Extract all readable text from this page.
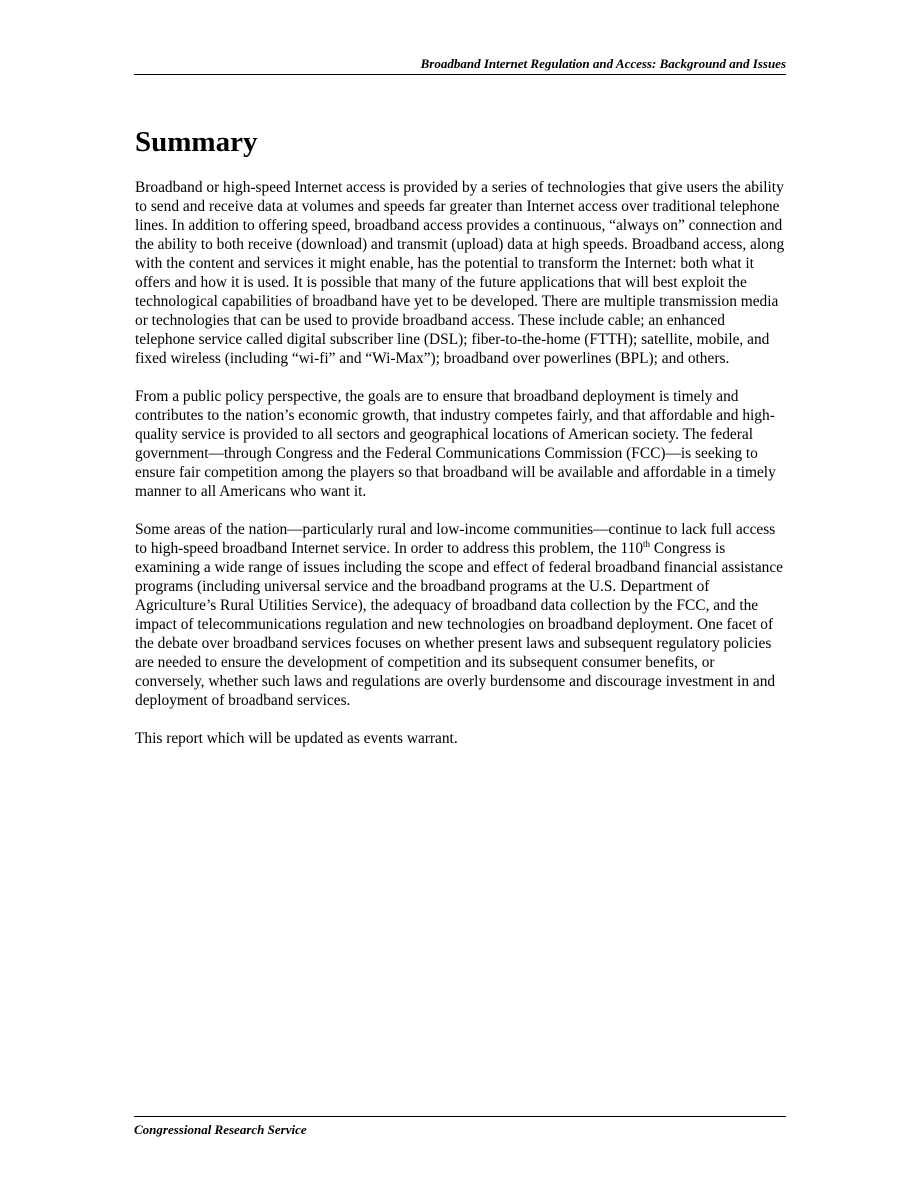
Broadband Internet Regulation and Access: Background and Issues
Summary

Broadband or high-speed Internet access is provided by a series of technologies that give users the ability to send and receive data at volumes and speeds far greater than Internet access over traditional telephone lines. In addition to offering speed, broadband access provides a continuous, “always on” connection and the ability to both receive (download) and transmit (upload) data at high speeds. Broadband access, along with the content and services it might enable, has the potential to transform the Internet: both what it offers and how it is used. It is possible that many of the future applications that will best exploit the technological capabilities of broadband have yet to be developed. There are multiple transmission media or technologies that can be used to provide broadband access. These include cable; an enhanced telephone service called digital subscriber line (DSL); fiber-to-the-home (FTTH); satellite, mobile, and fixed wireless (including “wi-fi” and “Wi-Max”); broadband over powerlines (BPL); and others.

From a public policy perspective, the goals are to ensure that broadband deployment is timely and contributes to the nation’s economic growth, that industry competes fairly, and that affordable and high-quality service is provided to all sectors and geographical locations of American society. The federal government—through Congress and the Federal Communications Commission (FCC)—is seeking to ensure fair competition among the players so that broadband will be available and affordable in a timely manner to all Americans who want it.

Some areas of the nation—particularly rural and low-income communities—continue to lack full access to high-speed broadband Internet service. In order to address this problem, the 110th Congress is examining a wide range of issues including the scope and effect of federal broadband financial assistance programs (including universal service and the broadband programs at the U.S. Department of Agriculture’s Rural Utilities Service), the adequacy of broadband data collection by the FCC, and the impact of telecommunications regulation and new technologies on broadband deployment. One facet of the debate over broadband services focuses on whether present laws and subsequent regulatory policies are needed to ensure the development of competition and its subsequent consumer benefits, or conversely, whether such laws and regulations are overly burdensome and discourage investment in and deployment of broadband services.

This report which will be updated as events warrant.

Congressional Research Service
